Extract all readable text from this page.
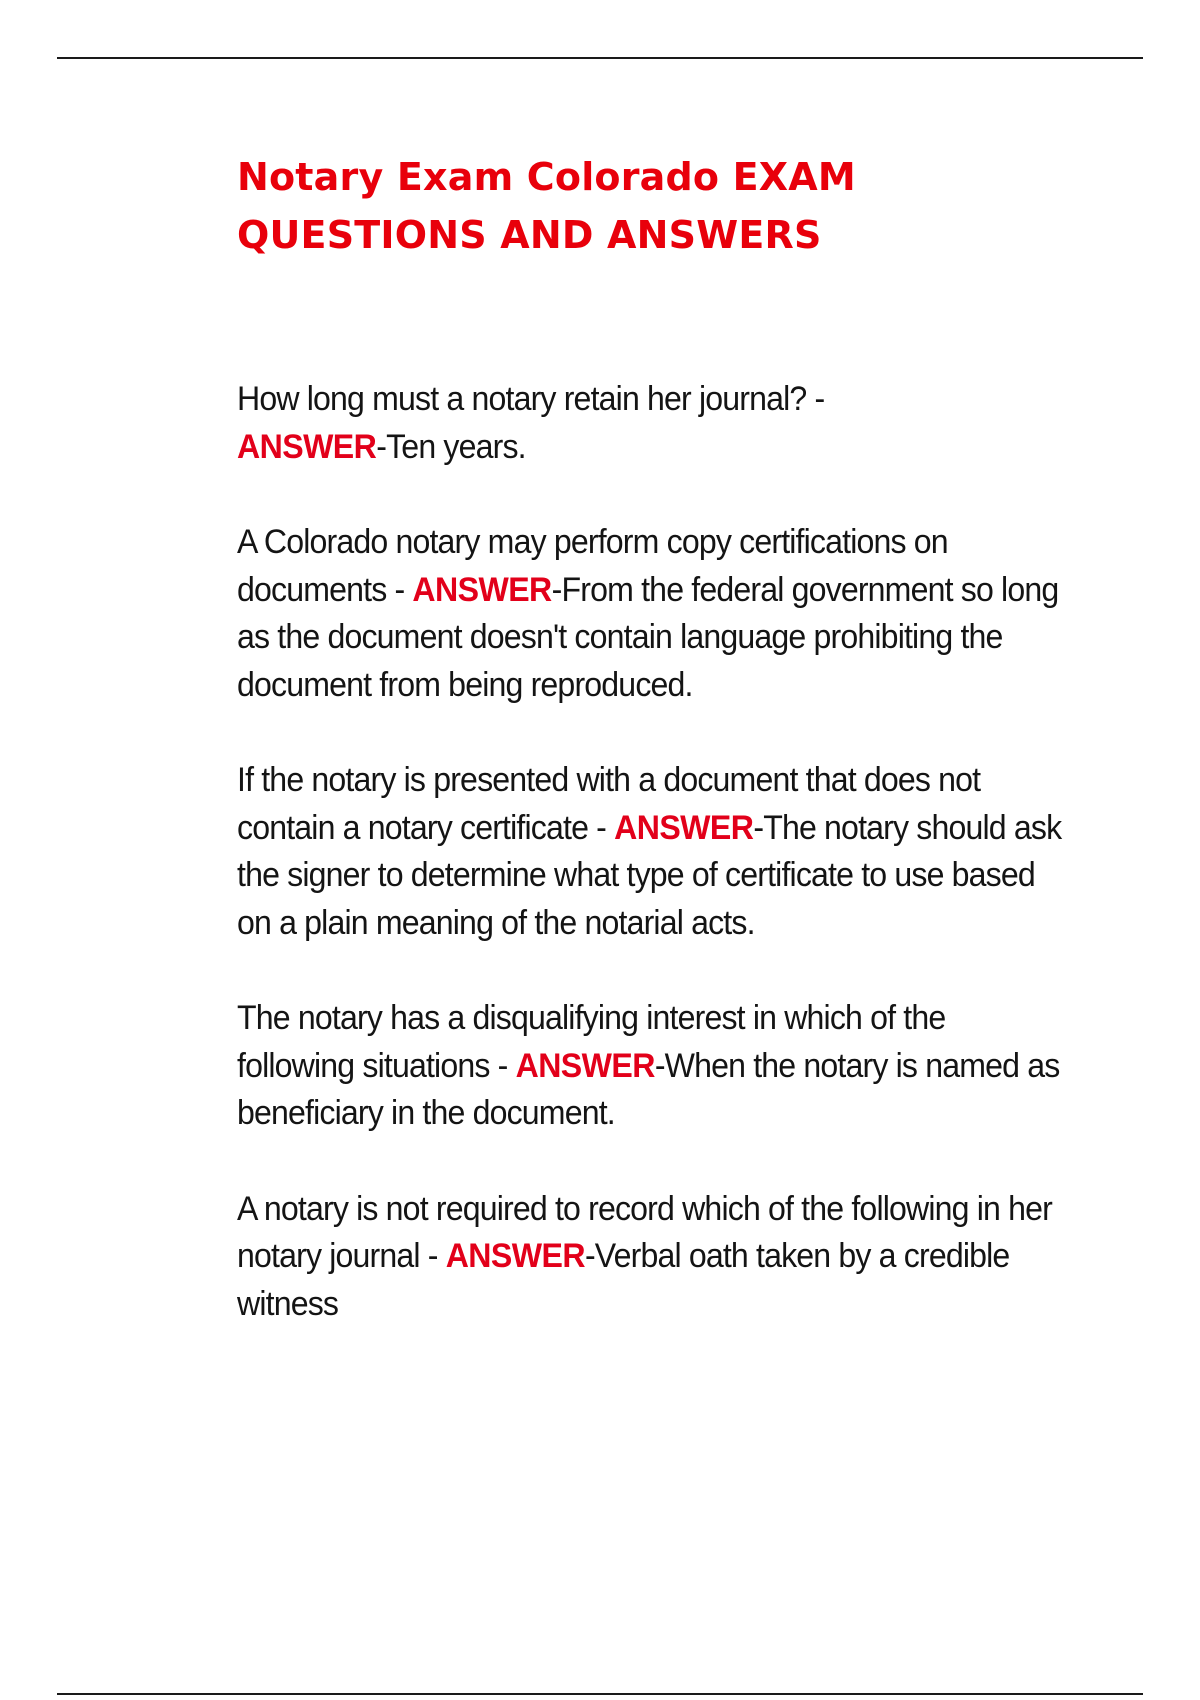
Notary Exam Colorado EXAM
QUESTIONS AND ANSWERS

How long must a notary retain her journal? -
ANSWER-Ten years.

A Colorado notary may perform copy certifications on documents - ANSWER-From the federal government so long as the document doesn't contain language prohibiting the document from being reproduced.

If the notary is presented with a document that does not contain a notary certificate - ANSWER-The notary should ask the signer to determine what type of certificate to use based on a plain meaning of the notarial acts.

The notary has a disqualifying interest in which of the following situations - ANSWER-When the notary is named as beneficiary in the document.

A notary is not required to record which of the following in her notary journal - ANSWER-Verbal oath taken by a credible witness
